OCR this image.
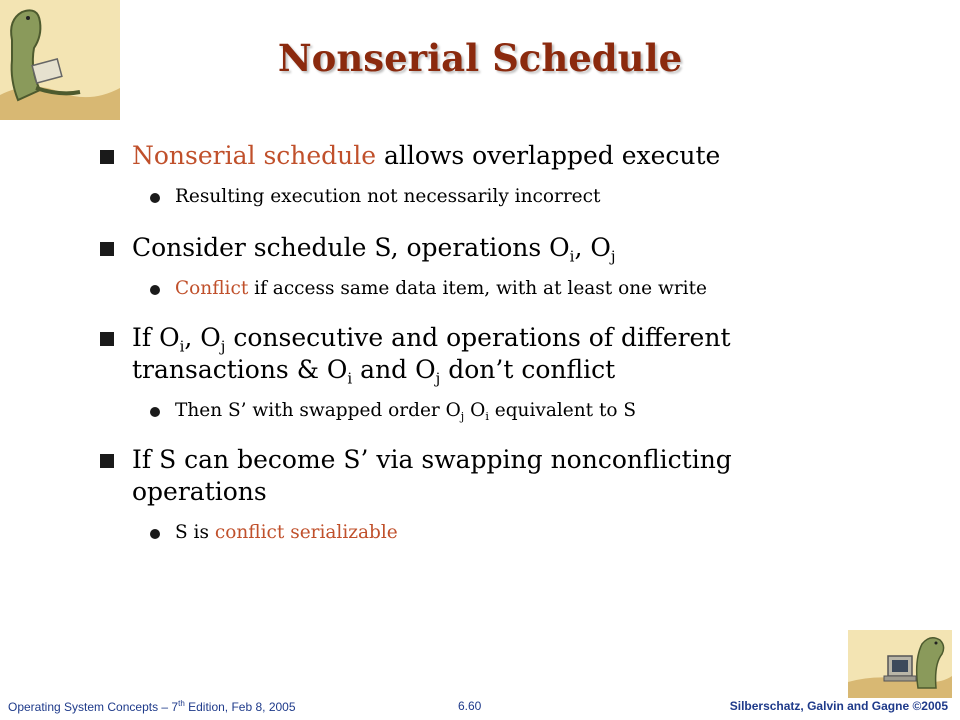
Nonserial Schedule
Nonserial schedule allows overlapped execute
Resulting execution not necessarily incorrect
Consider schedule S, operations $O_i$, $O_j$
Conflict if access same data item, with at least one write
If $O_i$, $O_j$ consecutive and operations of different
transactions & $O_i$ and $O_j$ don’t conflict
Then S’ with swapped order $O_j$ $O_i$ equivalent to S
If S can become S’ via swapping nonconflicting
operations
S is conflict serializable
Operating System Concepts – 7th Edition, Feb 8, 2005	6.60	Silberschatz, Galvin and Gagne ©2005
